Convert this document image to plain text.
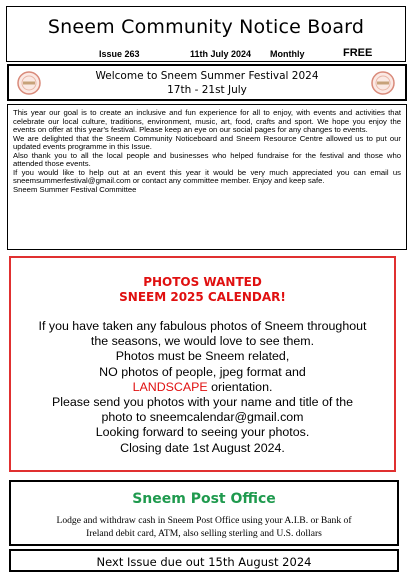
Sneem Community Notice Board
Issue 263	11th July 2024 Monthly	FREE
Welcome to Sneem Summer Festival 2024
17th - 21st July

This year our goal is to create an inclusive and fun experience for all to enjoy, with events and activities that celebrate our local culture, traditions, environment, music, art, food, crafts and sport. We hope you enjoy the events on offer at this year's festival. Please keep an eye on our social pages for any changes to events.

We are delighted that the Sneem Community Noticeboard and Sneem Resource Centre allowed us to put our updated events programme in this Issue.

Also thank you to all the local people and businesses who helped fundraise for the festival and those who attended those events.

If you would like to help out at an event this year it would be very much appreciated you can email us sneemsummerfestival@gmail.com or contact any committee member. Enjoy and keep safe.

Sneem Summer Festival Committee

PHOTOS WANTED
SNEEM 2025 CALENDAR!
If you have taken any fabulous photos of Sneem throughout
the seasons, we would love to see them.
Photos must be Sneem related,
NO photos of people, jpeg format and
LANDSCAPE orientation.
Please send you photos with your name and title of the
photo to sneemcalendar@gmail.com
Looking forward to seeing your photos.
Closing date 1st August 2024.
Sneem Post Office
Lodge and withdraw cash in Sneem Post Office using your A.I.B. or Bank of
Ireland debit card, ATM, also selling sterling and U.S. dollars
Next Issue due out 15th August 2024
